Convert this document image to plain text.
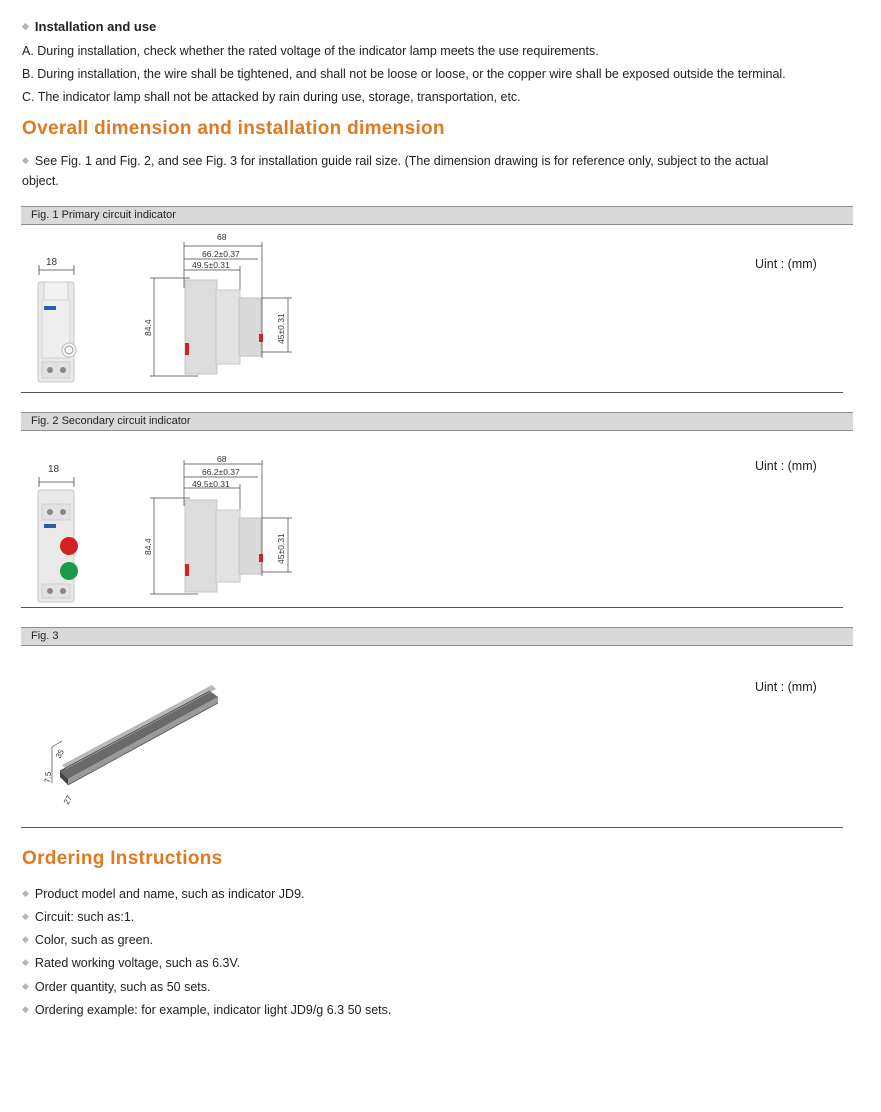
◆ Installation and use
A. During installation, check whether the rated voltage of the indicator lamp meets the use requirements.
B. During installation, the wire shall be tightened, and shall not be loose or loose, or the copper wire shall be exposed outside the terminal.
C. The indicator lamp shall not be attacked by rain during use, storage, transportation, etc.
Overall dimension and installation dimension
◆ See Fig. 1 and Fig. 2, and see Fig. 3 for installation guide rail size. (The dimension drawing is for reference only, subject to the actual
object.
Fig. 1 Primary circuit indicator
Uint : (mm)
18
68
66.2±0.37
49.5±0.31
84.4	45±0.31
Fig. 2 Secondary circuit indicator
Uint : (mm)
18
68
66.2±0.37
49.5±0.31
84.4	45±0.31
Fig. 3
Uint : (mm)
35
7.5
27
Ordering Instructions
◆ Product model and name, such as indicator JD9.
◆ Circuit: such as:1.
◆ Color, such as green.
◆ Rated working voltage, such as 6.3V.
◆ Order quantity, such as 50 sets.
◆ Ordering example: for example, indicator light JD9/g 6.3 50 sets.
